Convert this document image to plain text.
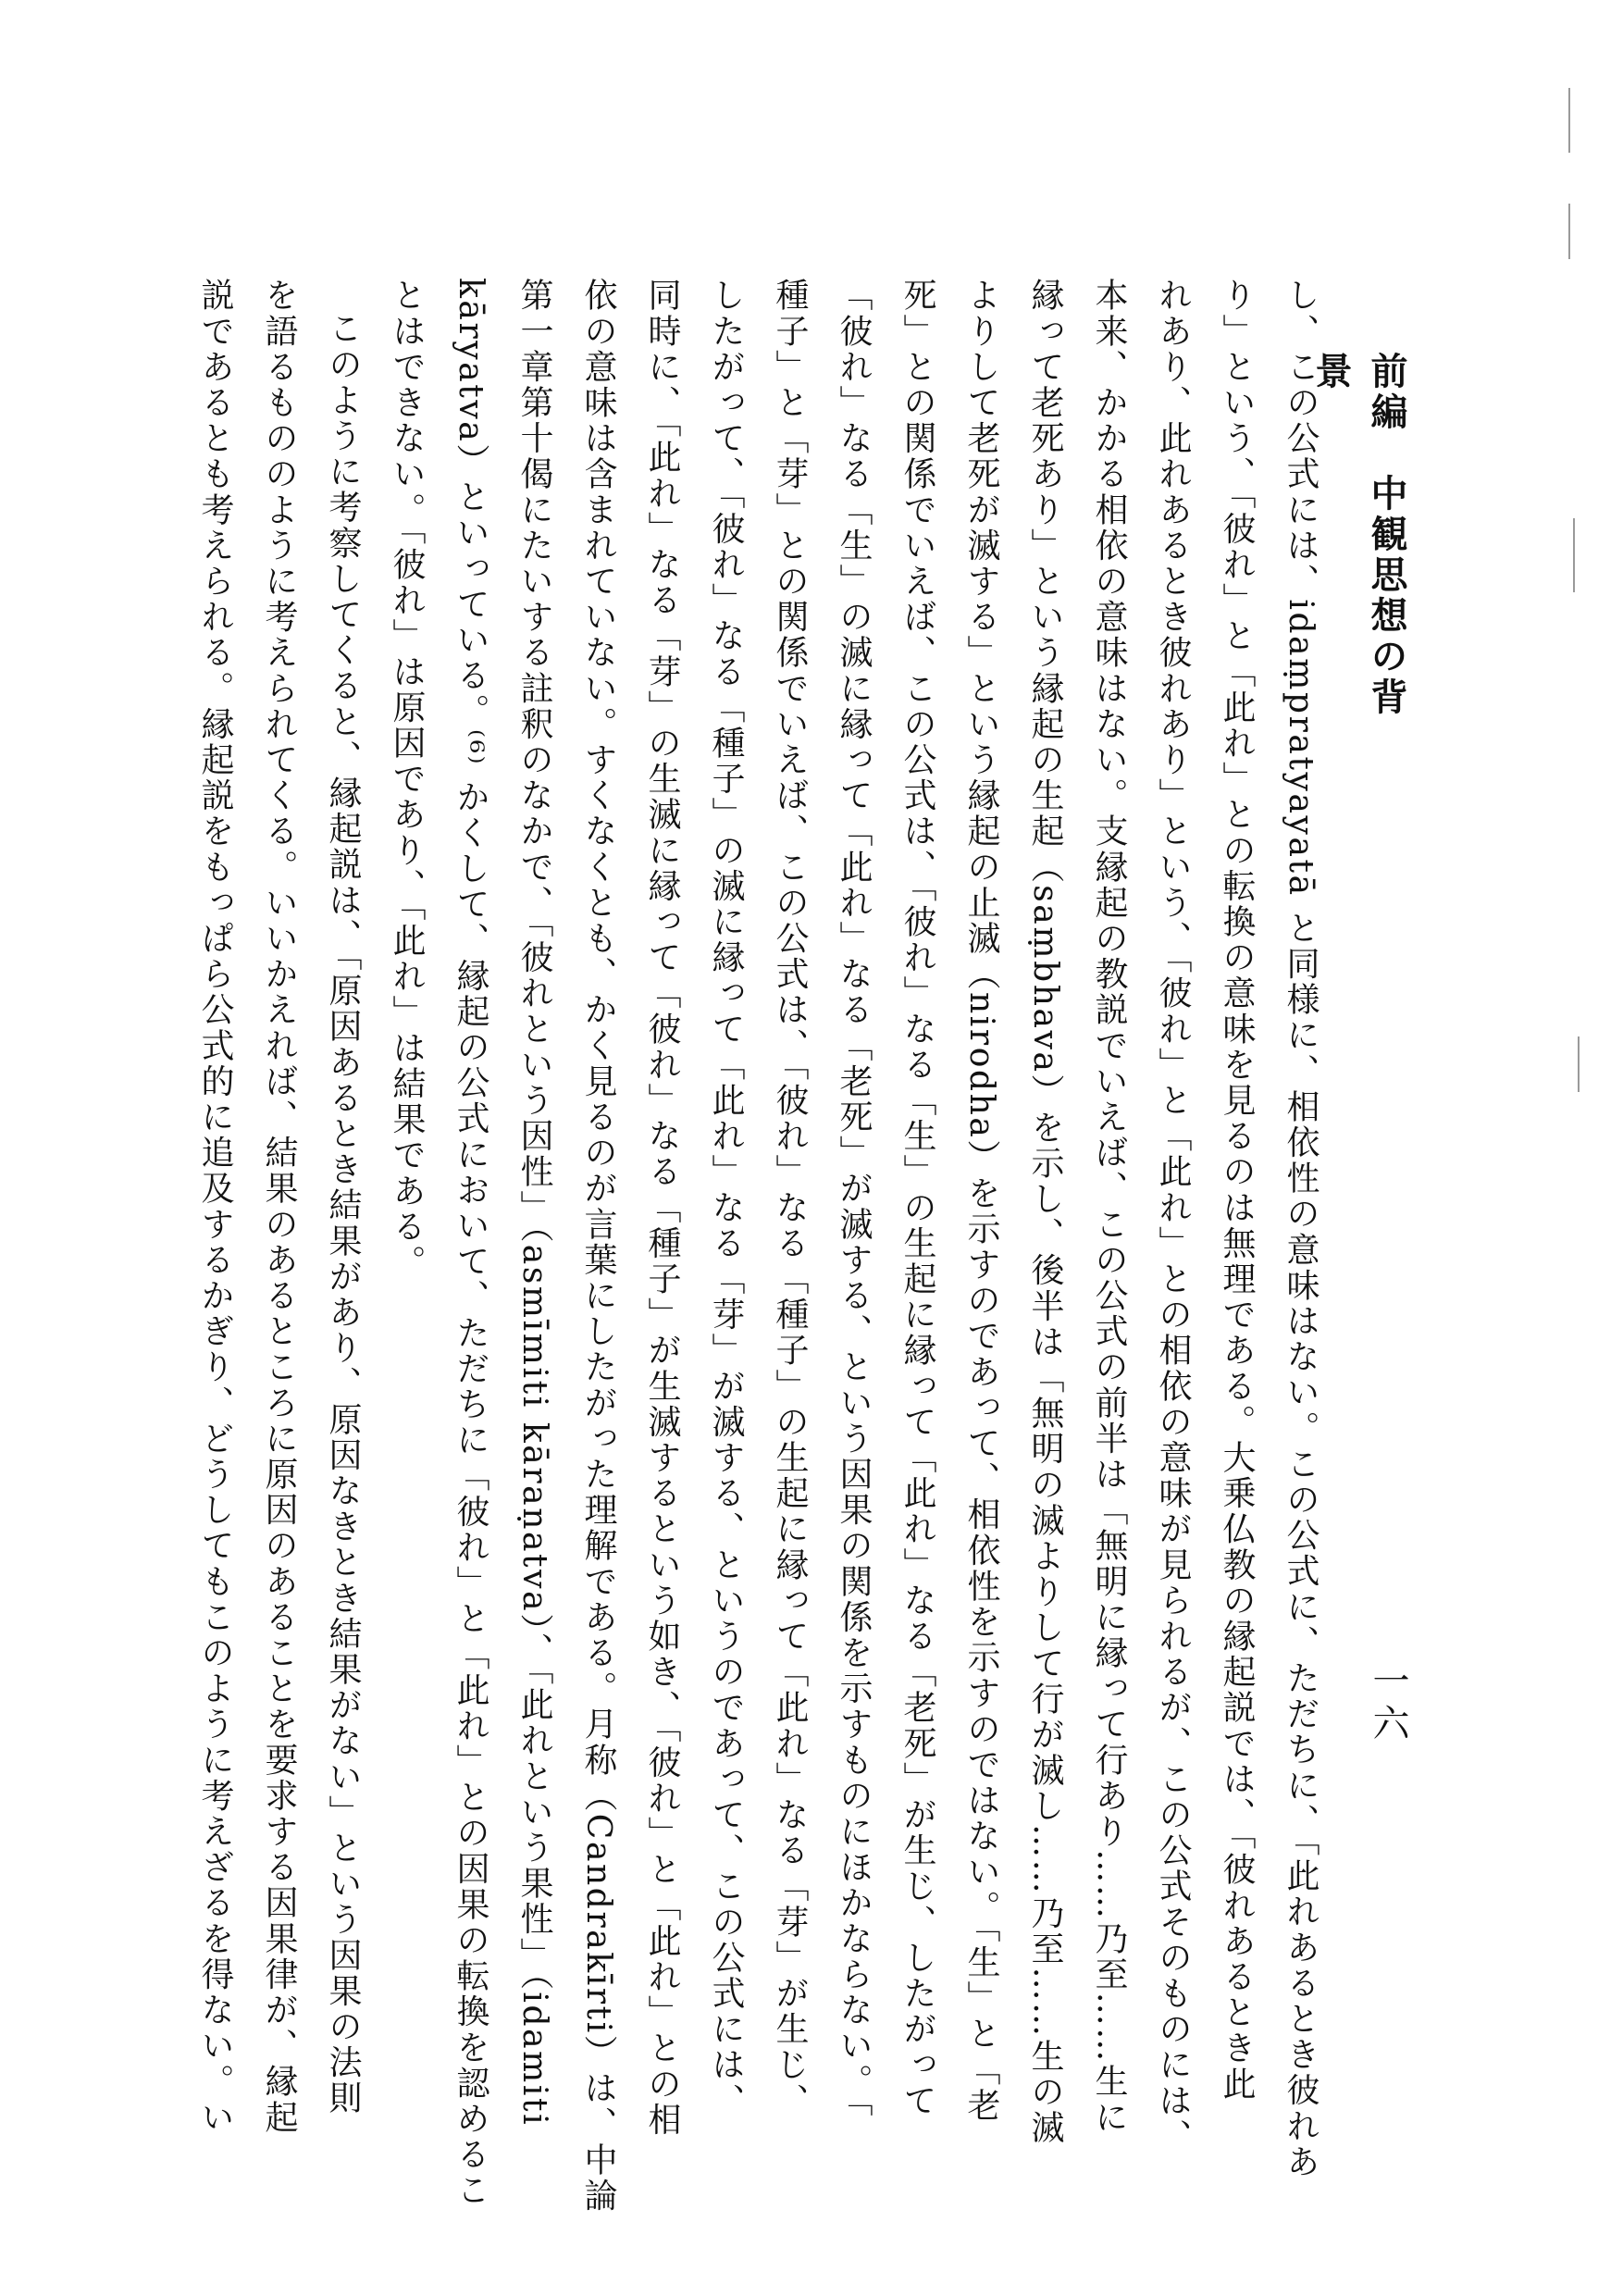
前編　中観思想の背景
一六
し、この公式には、idaṃpratyayatā と同様に、相依性の意味はない。この公式に、ただちに、「此れあるとき彼れあ
り」という、「彼れ」と「此れ」との転換の意味を見るのは無理である。大乗仏教の縁起説では、「彼れあるとき此
れあり、此れあるとき彼れあり」という、「彼れ」と「此れ」との相依の意味が見られるが、この公式そのものには、
本来、かかる相依の意味はない。支縁起の教説でいえば、この公式の前半は「無明に縁って行あり……乃至……生に
縁って老死あり」という縁起の生起（saṃbhava）を示し、後半は「無明の滅よりして行が滅し……乃至……生の滅
よりして老死が滅する」という縁起の止滅（nirodha）を示すのであって、相依性を示すのではない。「生」と「老
死」との関係でいえば、この公式は、「彼れ」なる「生」の生起に縁って「此れ」なる「老死」が生じ、したがって
「彼れ」なる「生」の滅に縁って「此れ」なる「老死」が滅する、という因果の関係を示すものにほかならない。「
種子」と「芽」との関係でいえば、この公式は、「彼れ」なる「種子」の生起に縁って「此れ」なる「芽」が生じ、
したがって、「彼れ」なる「種子」の滅に縁って「此れ」なる「芽」が滅する、というのであって、この公式には、
同時に、「此れ」なる「芽」の生滅に縁って「彼れ」なる「種子」が生滅するという如き、「彼れ」と「此れ」との相
依の意味は含まれていない。すくなくとも、かく見るのが言葉にしたがった理解である。月称（Candrakīrti）は、中論
第一章第十偈にたいする註釈のなかで、「彼れという因性」（asmīmiti kāraṇatva）、「此れという果性」（idamiti
kāryatva）といっている。⁽⁶⁾ かくして、縁起の公式において、ただちに「彼れ」と「此れ」との因果の転換を認めるこ
とはできない。「彼れ」は原因であり、「此れ」は結果である。
このように考察してくると、縁起説は、「原因あるとき結果があり、原因なきとき結果がない」という因果の法則
を語るもののように考えられてくる。いいかえれば、結果のあるところに原因のあることを要求する因果律が、縁起
説であるとも考えられる。縁起説をもっぱら公式的に追及するかぎり、どうしてもこのように考えざるを得ない。い
